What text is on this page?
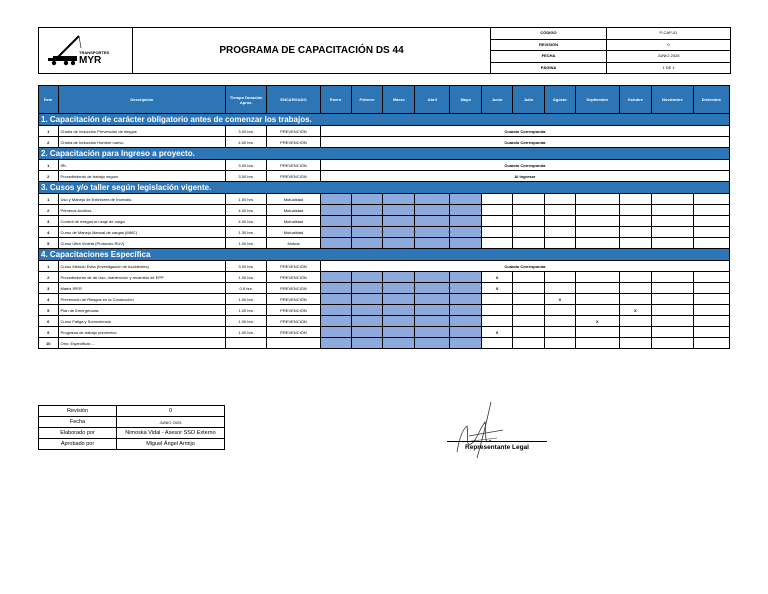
TRANSPORTES
MYR	PROGRAMA DE CAPACITACIÓN DS 44	CÓDIGO	P-CAP-01
		REVISIÓN	0
		FECHA	JUNIO 2025
		PÁGINA	1 DE 1
Ítem	Descripción	Tiempo Duración Aprox.	ENCARGADO	Enero	Febrero	Marzo	Abril	Mayo	Junio	Julio	Agosto	Septiembre	Octubre	Noviembre	Diciembre
1. Capacitación de carácter obligatorio antes de comenzar los trabajos.															
1	Charla de Inducción Prevención de riesgos	3.00 hrs.	PREVENCIÓN	Cuando Corresponda											
2	Charla de Inducción Hombre nuevo	4.00 hrs.	PREVENCIÓN	Cuando Corresponda											
2. Capacitación para Ingreso a proyecto.															
1	IRL	3.00 hrs.	PREVENCIÓN	Cuando Corresponda											
2	Procedimiento de trabajo seguro	3.00 hrs.	PREVENCIÓN	Al Ingresar											
3. Cusos y/o taller según legislación vigente.															
1	Uso y Manejo de Extintores de Incendio.	1.00 hrs.	Mutualidad												
2	Primeros Auxilios.	4.00 hrs.	Mutualidad												
3	Control de riesgos en izaje de carga	4.00 hrs.	Mutualidad												
4	Curso de Manejo Manual de cargas (MMC)	1.30 hrs.	Mutualidad												
5	Curso Ultra Violeta (Protocolo RUV)	1.00 hrs.	Mutual												
4. Capacitaciones Específica															
1	Curso Método Evita (Investigación de Accidentes)	3.00 hrs.	PREVENCIÓN	Cuando Corresponda											
2	Procedimiento de de Uso, mantención y recambio de EPP	1.00 hrs.	PREVENCIÓN						X						
3	Matriz IPER	0.5 hrs.	PREVENCIÓN						X						
4	Prevención de Riesgos en la Conducción	1.00 hrs.	PREVENCIÓN								X				
5	Plan de Emergencias	1.00 hrs.	PREVENCIÓN										X		
6	Curso Fatiga y Somnolencia	1.00 hrs.	PREVENCIÓN									X			
9	Programa de trabajo preventivo	1.00 hrs.	PREVENCIÓN						X						
10	Otro: Especificar.....														
Revisión	0
Fecha	JUNIO 2025
Elaborado por	Nimoska Vidal - Asesor SSO Externo
Aprobado por	Miguel Ángel Armijo	Representante Legal
